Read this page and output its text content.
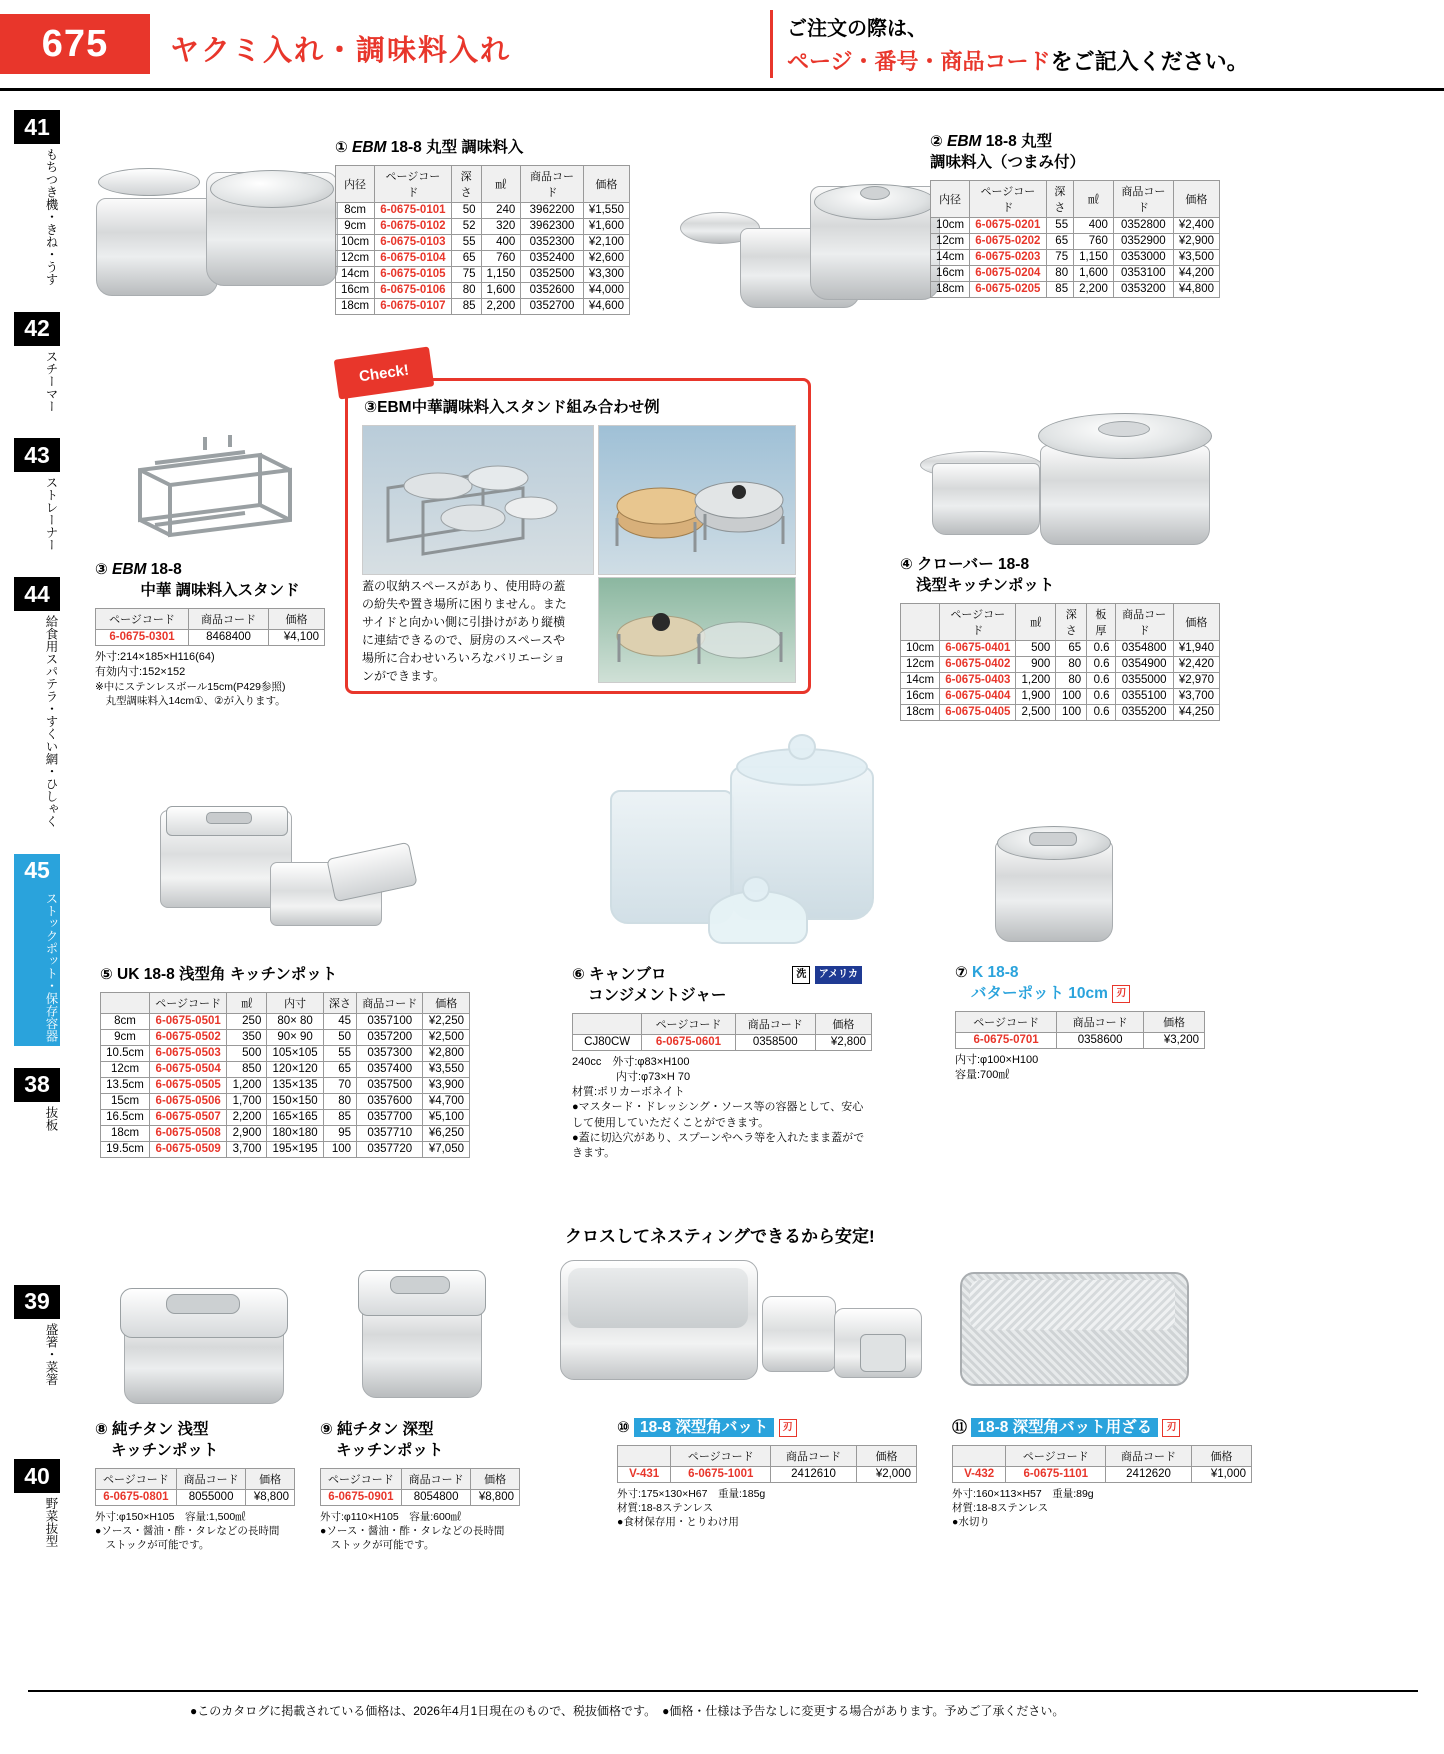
675	ヤクミ入れ・調味料入れ
ご注文の際は、
ページ・番号・商品コードをご記入ください。
41
もちつき機・きね・うす
42
スチーマー
43
ストレーナー
44
給食用スパテラ・すくい網・ひしゃく
45
ストックポット・保存容器
38
抜板
39
盛箸・菜箸
40
野菜抜型
① EBM 18-8 丸型 調味料入
内径	ページコード	深さ	㎖	商品コード	価格
8cm	6-0675-0101	50	240	3962200	¥1,550
9cm	6-0675-0102	52	320	3962300	¥1,600
10cm	6-0675-0103	55	400	0352300	¥2,100
12cm	6-0675-0104	65	760	0352400	¥2,600
14cm	6-0675-0105	75	1,150	0352500	¥3,300
16cm	6-0675-0106	80	1,600	0352600	¥4,000
18cm	6-0675-0107	85	2,200	0352700	¥4,600
② EBM 18-8 丸型
調味料入（つまみ付）
内径	ページコード	深さ	㎖	商品コード	価格
10cm	6-0675-0201	55	400	0352800	¥2,400
12cm	6-0675-0202	65	760	0352900	¥2,900
14cm	6-0675-0203	75	1,150	0353000	¥3,500
16cm	6-0675-0204	80	1,600	0353100	¥4,200
18cm	6-0675-0205	85	2,200	0353200	¥4,800
③ EBM 18-8
中華 調味料入スタンド
ページコード	商品コード	価格
6-0675-0301	8468400	¥4,100
外寸:214×185×H116(64)
有効内寸:152×152
※中にステンレスボール15cm(P429参照)
　丸型調味料入14cm①、②が入ります。
Check!
③EBM中華調味料入スタンド組み合わせ例
蓋の収納スペースがあり、使用時の蓋の紛失や置き場所に困りません。またサイドと向かい側に引掛けがあり縦横に連結できるので、厨房のスペースや場所に合わせいろいろなバリエーションができます。
④ クローバー 18-8
浅型キッチンポット
	ページコード	㎖	深さ	板厚	商品コード	価格
10cm	6-0675-0401	500	65	0.6	0354800	¥1,940
12cm	6-0675-0402	900	80	0.6	0354900	¥2,420
14cm	6-0675-0403	1,200	80	0.6	0355000	¥2,970
16cm	6-0675-0404	1,900	100	0.6	0355100	¥3,700
18cm	6-0675-0405	2,500	100	0.6	0355200	¥4,250
⑤ UK 18-8 浅型角 キッチンポット
	ページコード	㎖	内寸	深さ	商品コード	価格
8cm	6-0675-0501	250	80× 80	45	0357100	¥2,250
9cm	6-0675-0502	350	90× 90	50	0357200	¥2,500
10.5cm	6-0675-0503	500	105×105	55	0357300	¥2,800
12cm	6-0675-0504	850	120×120	65	0357400	¥3,550
13.5cm	6-0675-0505	1,200	135×135	70	0357500	¥3,900
15cm	6-0675-0506	1,700	150×150	80	0357600	¥4,700
16.5cm	6-0675-0507	2,200	165×165	85	0357700	¥5,100
18cm	6-0675-0508	2,900	180×180	95	0357710	¥6,250
19.5cm	6-0675-0509	3,700	195×195	100	0357720	¥7,050
⑥ キャンブロ	洗 アメリカ
コンジメントジャー
	ページコード	商品コード	価格
CJ80CW	6-0675-0601	0358500	¥2,800
240cc　外寸:φ83×H100
　　　　内寸:φ73×H 70
材質:ポリカーボネイト
●マスタード・ドレッシング・ソース等の容器として、安心して使用していただくことができます。
●蓋に切込穴があり、スプーンやヘラ等を入れたまま蓋ができます。
⑦ K 18-8
バターポット 10cm 刃
ページコード	商品コード	価格
6-0675-0701	0358600	¥3,200
内寸:φ100×H100
容量:700㎖
クロスしてネスティングできるから安定!
⑧ 純チタン 浅型
キッチンポット
ページコード	商品コード	価格
6-0675-0801	8055000	¥8,800
外寸:φ150×H105　容量:1,500㎖
●ソース・醤油・酢・タレなどの長時間
　ストックが可能です。
⑨ 純チタン 深型
キッチンポット
ページコード	商品コード	価格
6-0675-0901	8054800	¥8,800
外寸:φ110×H105　容量:600㎖
●ソース・醤油・酢・タレなどの長時間
　ストックが可能です。
⑩ 18-8 深型角バット 刃
	ページコード	商品コード	価格
V-431	6-0675-1001	2412610	¥2,000
外寸:175×130×H67　重量:185g
材質:18-8ステンレス
●食材保存用・とりわけ用
⑪ 18-8 深型角バット用ざる 刃
	ページコード	商品コード	価格
V-432	6-0675-1101	2412620	¥1,000
外寸:160×113×H57　重量:89g
材質:18-8ステンレス
●水切り
●このカタログに掲載されている価格は、2026年4月1日現在のもので、税抜価格です。　●価格・仕様は予告なしに変更する場合があります。予めご了承ください。
